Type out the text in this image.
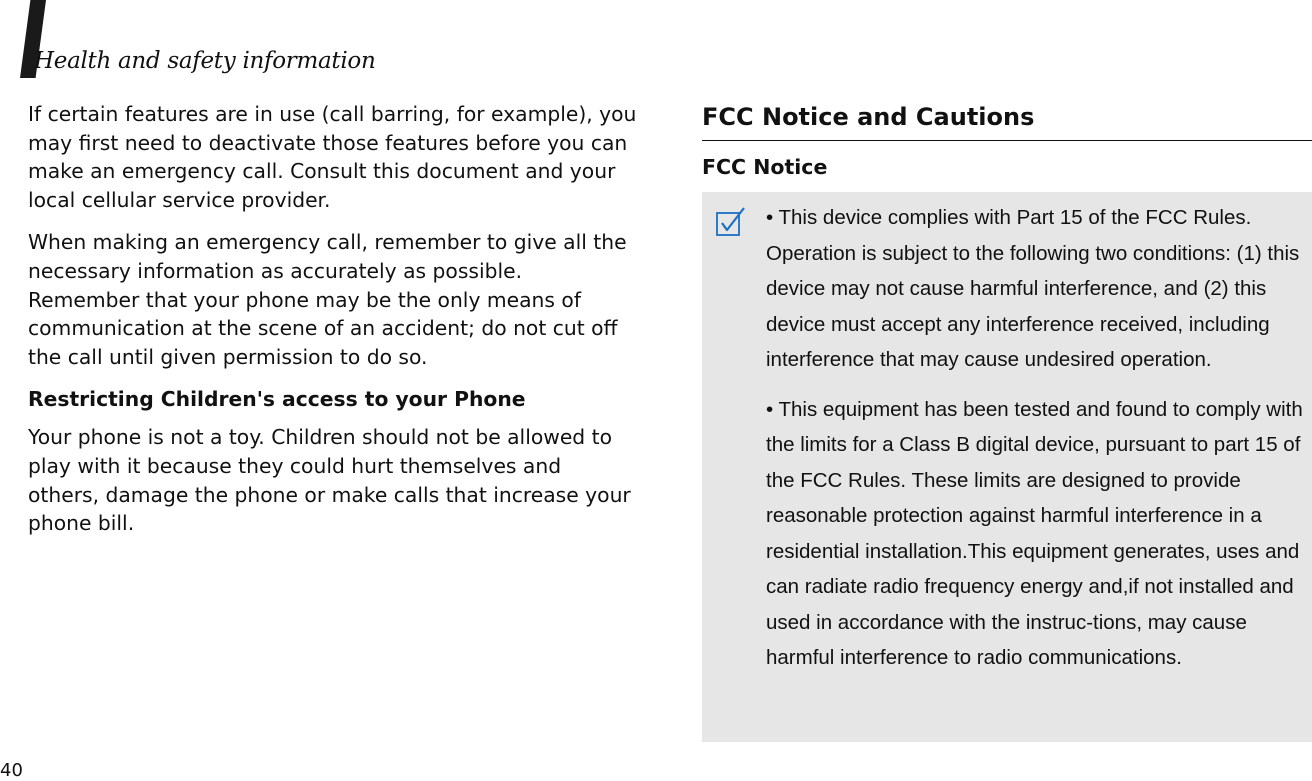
Health and safety information

If certain features are in use (call barring, for example), you may first need to deactivate those features before you can make an emergency call. Consult this document and your local cellular service provider.

When making an emergency call, remember to give all the necessary information as accurately as possible. Remember that your phone may be the only means of communication at the scene of an accident; do not cut off the call until given permission to do so.

Restricting Children's access to your Phone

Your phone is not a toy. Children should not be allowed to play with it because they could hurt themselves and others, damage the phone or make calls that increase your phone bill.

FCC Notice and Cautions
FCC Notice

• This device complies with Part 15 of the FCC Rules. Operation is subject to the following two conditions: (1) this device may not cause harmful interference, and (2) this device must accept any interference received, including interference that may cause undesired operation.

• This equipment has been tested and found to comply with the limits for a Class B digital device, pursuant to part 15 of the FCC Rules. These limits are designed to provide reasonable protection against harmful interference in a residential installation.This equipment generates, uses and can radiate radio frequency energy and,if not installed and used in accordance with the instruc-tions, may cause harmful interference to radio communications.

40
